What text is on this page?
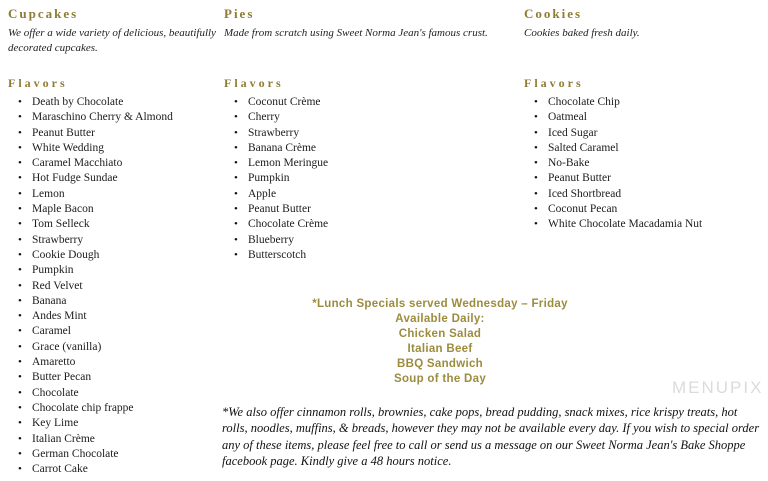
Cupcakes

We offer a wide variety of delicious, beautifully decorated cupcakes.

Flavors
• Death by Chocolate
• Maraschino Cherry & Almond
• Peanut Butter
• White Wedding
• Caramel Macchiato
• Hot Fudge Sundae
• Lemon
• Maple Bacon
• Tom Selleck
• Strawberry
• Cookie Dough
• Pumpkin
• Red Velvet
• Banana
• Andes Mint
• Caramel
• Grace (vanilla)
• Amaretto
• Butter Pecan
• Chocolate
• Chocolate chip frappe
• Key Lime
• Italian Crème
• German Chocolate
• Carrot Cake
Pies

Made from scratch using Sweet Norma Jean's famous crust.

Flavors
• Coconut Crème
• Cherry
• Strawberry
• Banana Crème
• Lemon Meringue
• Pumpkin
• Apple
• Peanut Butter
• Chocolate Crème
• Blueberry
• Butterscotch
Cookies

Cookies baked fresh daily.

Flavors
• Chocolate Chip
• Oatmeal
• Iced Sugar
• Salted Caramel
• No-Bake
• Peanut Butter
• Iced Shortbread
• Coconut Pecan
• White Chocolate Macadamia Nut
*Lunch Specials served Wednesday – Friday
Available Daily:
Chicken Salad
Italian Beef
BBQ Sandwich
Soup of the Day

*We also offer cinnamon rolls, brownies, cake pops, bread pudding, snack mixes, rice krispy treats, hot rolls, noodles, muffins, & breads, however they may not be available every day. If you wish to special order any of these items, please feel free to call or send us a message on our Sweet Norma Jean's Bake Shoppe facebook page. Kindly give a 48 hours notice.

MENUPIX
